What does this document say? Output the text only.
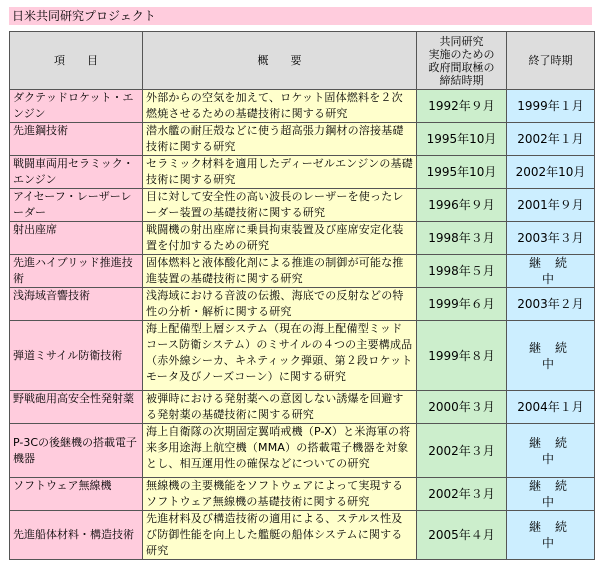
日米共同研究プロジェクト
項　　目	概　　要	共同研究
実施のための
政府間取極の
締結時期	終了時期
ダクテッドロケット・エンジン	外部からの空気を加えて、ロケット固体燃料を２次燃焼させるための基礎技術に関する研究	1992年９月	1999年１月
先進鋼技術	潜水艦の耐圧殻などに使う超高張力鋼材の溶接基礎技術に関する研究	1995年10月	2002年１月
戦闘車両用セラミック・エンジン	セラミック材料を適用したディーゼルエンジンの基礎技術に関する研究	1995年10月	2002年10月
アイセーフ・レーザーレーダー	目に対して安全性の高い波長のレーザーを使ったレーダー装置の基礎技術に関する研究	1996年９月	2001年９月
射出座席	戦闘機の射出座席に乗員拘束装置及び座席安定化装置を付加するための研究	1998年３月	2003年３月
先進ハイブリッド推進技術	固体燃料と液体酸化剤による推進の制御が可能な推進装置の基礎技術に関する研究	1998年５月	継続中
浅海域音響技術	浅海域における音波の伝搬、海底での反射などの特性の分析・解析に関する研究	1999年６月	2003年２月
弾道ミサイル防衛技術	海上配備型上層システム（現在の海上配備型ミッドコース防衛システム）のミサイルの４つの主要構成品（赤外線シーカ、キネティック弾頭、第２段ロケットモータ及びノーズコーン）に関する研究	1999年８月	継続中
野戦砲用高安全性発射薬	被弾時における発射薬への意図しない誘爆を回避する発射薬の基礎技術に関する研究	2000年３月	2004年１月
P-3Cの後継機の搭載電子機器	海上自衛隊の次期固定翼哨戒機（P-X）と米海軍の将来多用途海上航空機（MMA）の搭載電子機器を対象とし、相互運用性の確保などについての研究	2002年３月	継続中
ソフトウェア無線機	無線機の主要機能をソフトウェアによって実現するソフトウェア無線機の基礎技術に関する研究	2002年３月	継続中
先進船体材料・構造技術	先進材料及び構造技術の適用による、ステルス性及び防御性能を向上した艦艇の船体システムに関する研究	2005年４月	継続中
